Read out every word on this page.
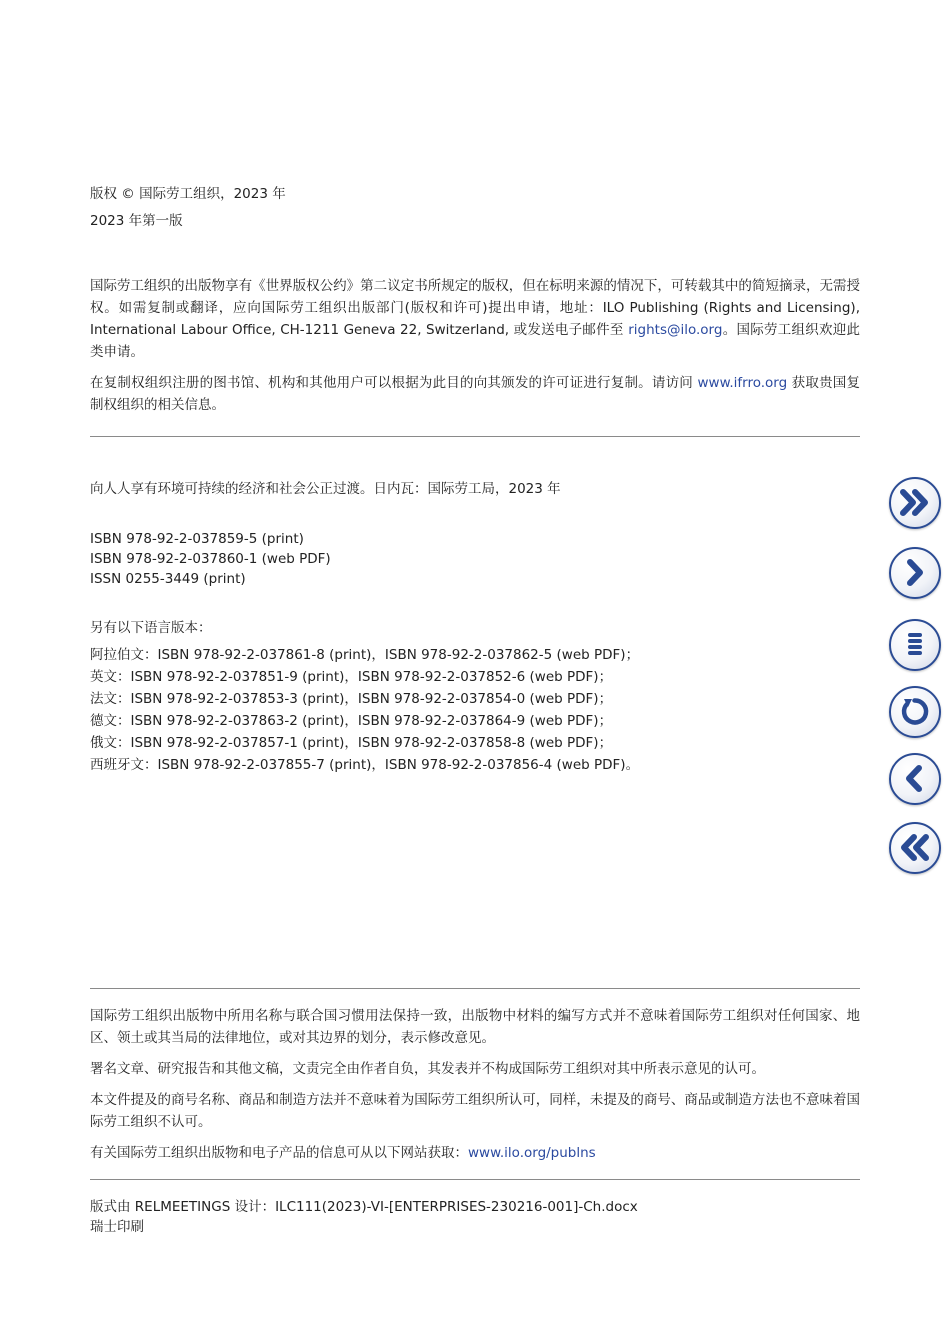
版权 © 国际劳工组织，2023 年

2023 年第一版

国际劳工组织的出版物享有《世界版权公约》第二议定书所规定的版权，但在标明来源的情况下，可转载其中的简短摘录，无需授权。如需复制或翻译，应向国际劳工组织出版部门(版权和许可)提出申请，地址：ILO Publishing (Rights and Licensing), International Labour Office, CH-1211 Geneva 22, Switzerland, 或发送电子邮件至 rights@ilo.org。国际劳工组织欢迎此类申请。

在复制权组织注册的图书馆、机构和其他用户可以根据为此目的向其颁发的许可证进行复制。请访问 www.ifrro.org 获取贵国复制权组织的相关信息。

向人人享有环境可持续的经济和社会公正过渡。日内瓦：国际劳工局，2023 年

ISBN 978-92-2-037859-5 (print)

ISBN 978-92-2-037860-1 (web PDF)

ISSN 0255-3449 (print)

另有以下语言版本：

阿拉伯文：ISBN 978-92-2-037861-8 (print)，ISBN 978-92-2-037862-5 (web PDF)；

英文：ISBN 978-92-2-037851-9 (print)，ISBN 978-92-2-037852-6 (web PDF)；

法文：ISBN 978-92-2-037853-3 (print)，ISBN 978-92-2-037854-0 (web PDF)；

德文：ISBN 978-92-2-037863-2 (print)，ISBN 978-92-2-037864-9 (web PDF)；

俄文：ISBN 978-92-2-037857-1 (print)，ISBN 978-92-2-037858-8 (web PDF)；

西班牙文：ISBN 978-92-2-037855-7 (print)，ISBN 978-92-2-037856-4 (web PDF)。

国际劳工组织出版物中所用名称与联合国习惯用法保持一致，出版物中材料的编写方式并不意味着国际劳工组织对任何国家、地区、领土或其当局的法律地位，或对其边界的划分，表示修改意见。

署名文章、研究报告和其他文稿，文责完全由作者自负，其发表并不构成国际劳工组织对其中所表示意见的认可。

本文件提及的商号名称、商品和制造方法并不意味着为国际劳工组织所认可，同样，未提及的商号、商品或制造方法也不意味着国际劳工组织不认可。

有关国际劳工组织出版物和电子产品的信息可从以下网站获取：www.ilo.org/publns

版式由 RELMEETINGS 设计：ILC111(2023)-VI-[ENTERPRISES-230216-001]-Ch.docx

瑞士印刷
